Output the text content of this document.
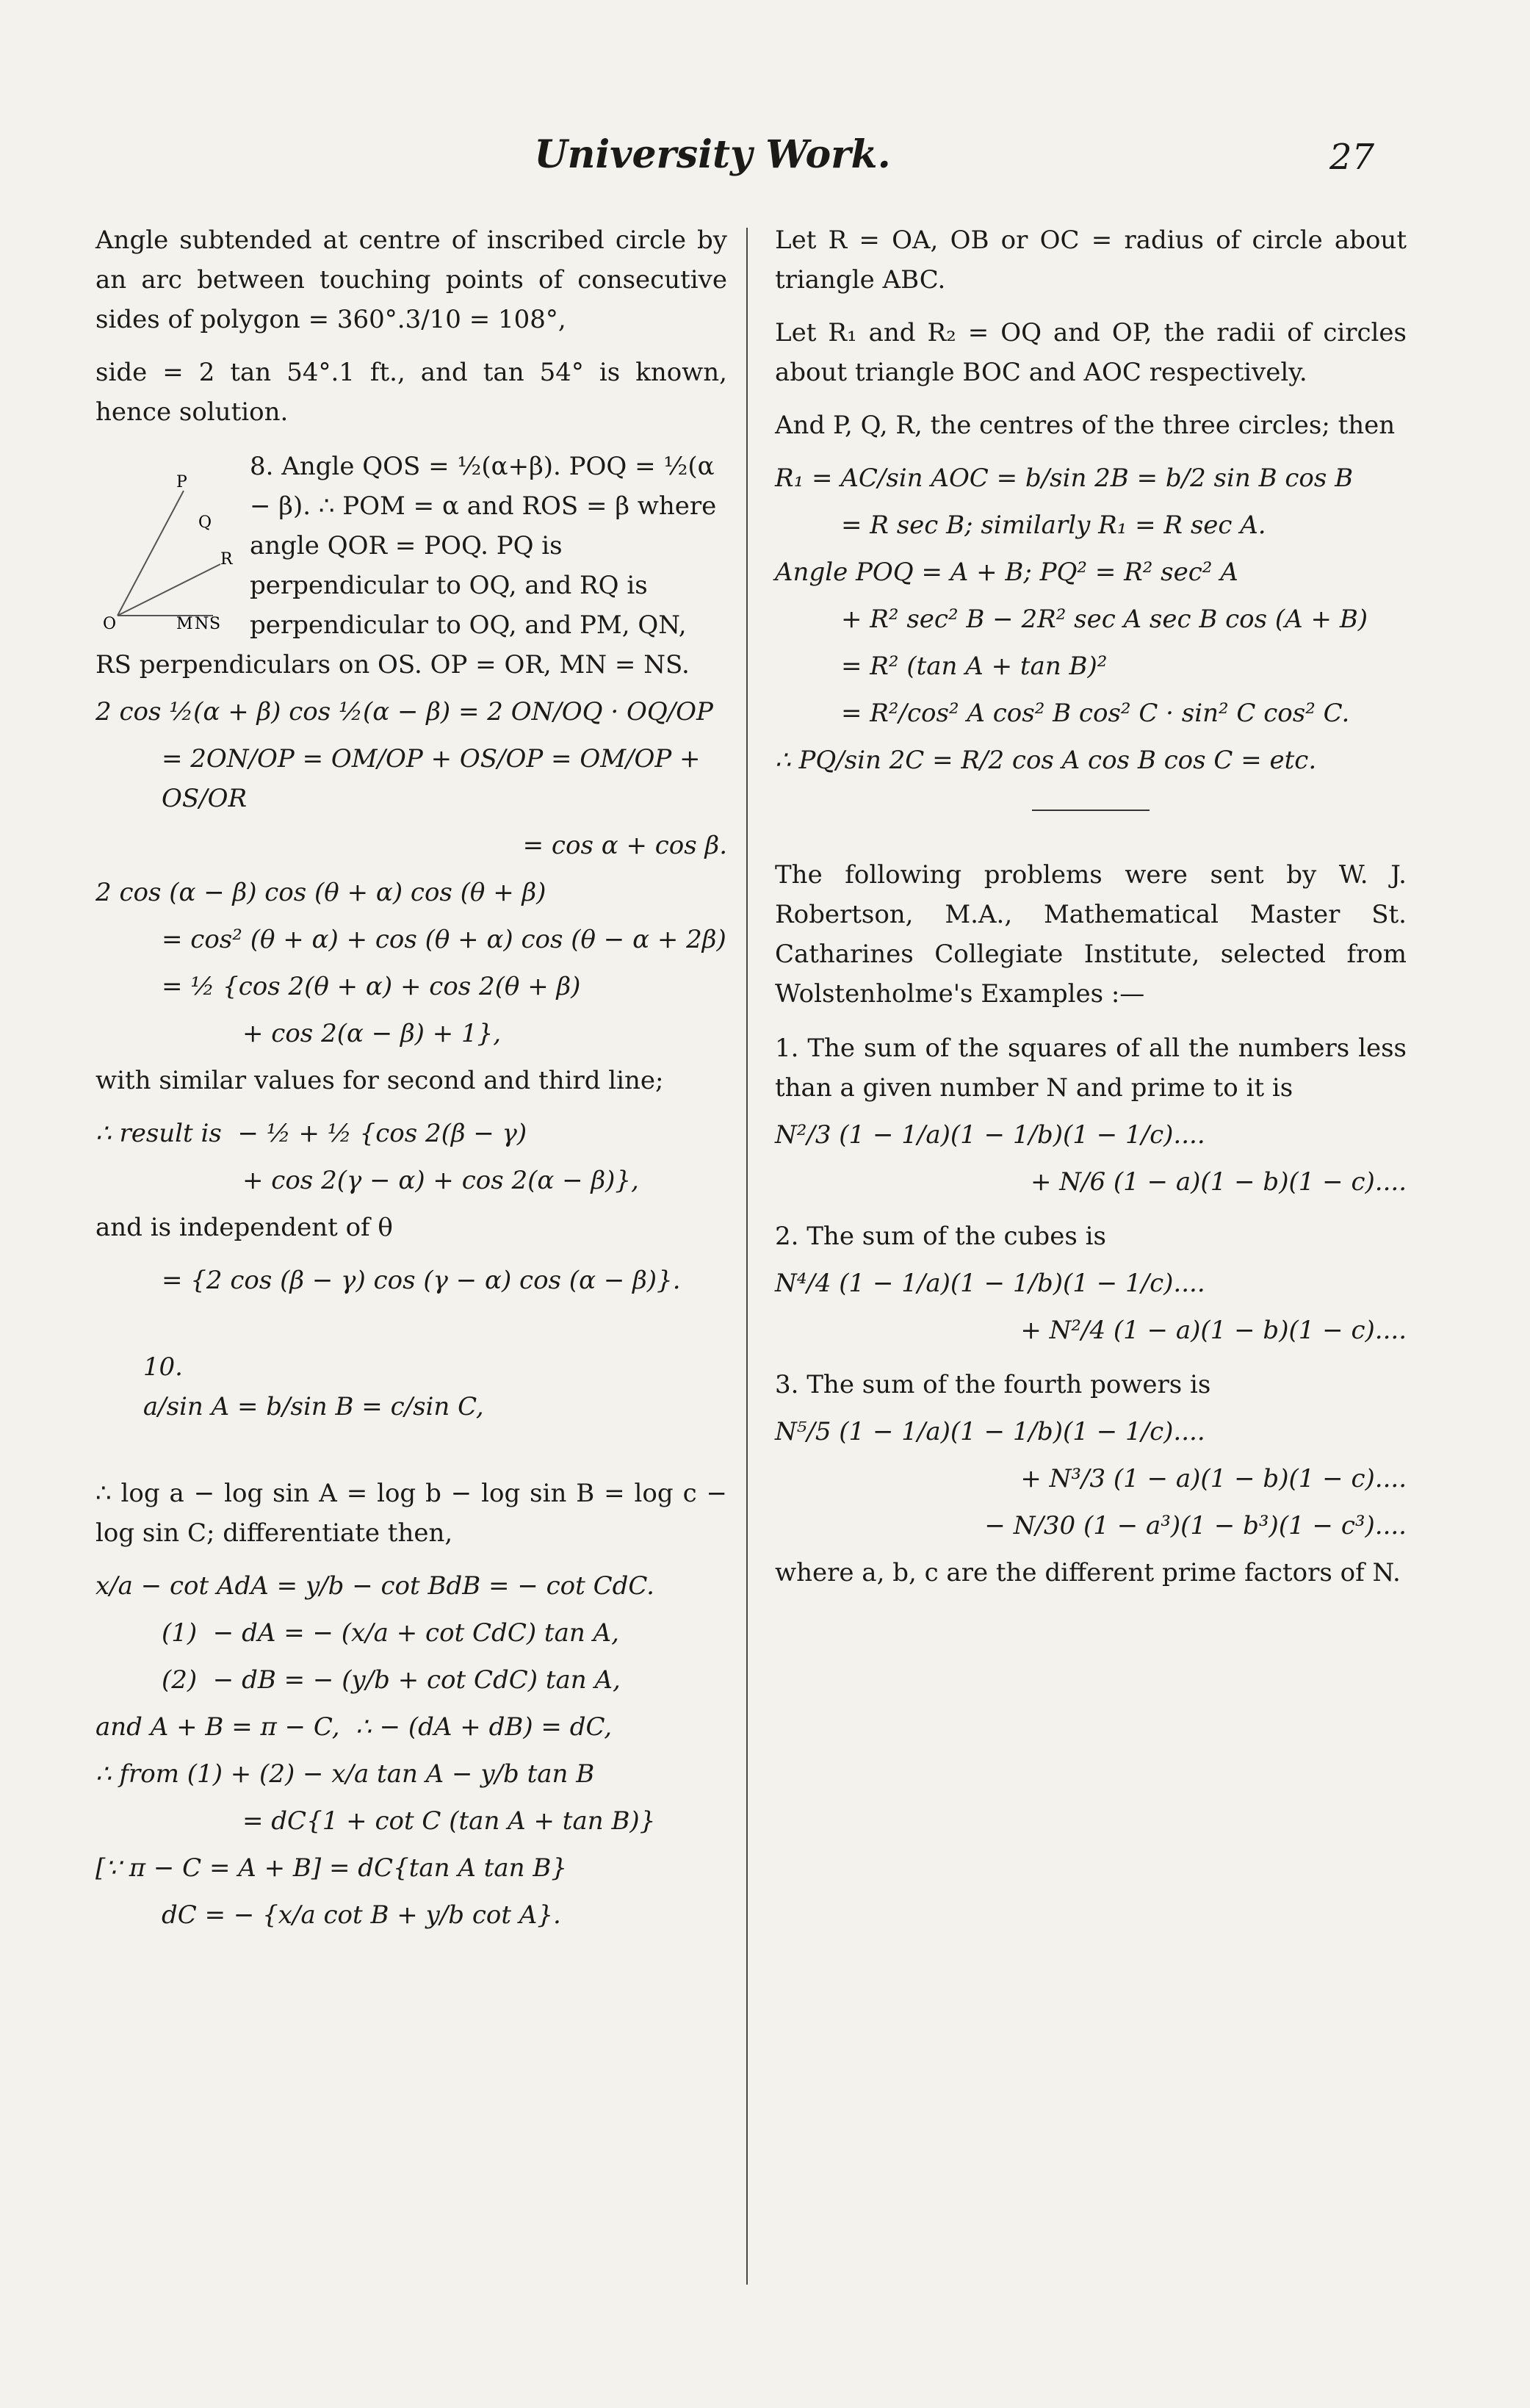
University Work.	27

Angle subtended at centre of inscribed circle by an arc between touching points of consecutive sides of polygon = 360°.3/10 = 108°,

side = 2 tan 54°.1 ft., and tan 54° is known, hence solution.

P
Q
R
M S
O	N
8. Angle QOS = ½(α+β). POQ = ½(α − β). ∴ POM = α and ROS = β where angle QOR = POQ. PQ is perpendicular to OQ, and RQ is perpendicular to OQ, and PM, QN, RS perpendiculars on OS. OP = OR, MN = NS.
2 cos ½(α + β) cos ½(α − β) = 2 ON/OQ · OQ/OP
= 2ON/OP = OM/OP + OS/OP = OM/OP + OS/OR
= cos α + cos β.
2 cos (α − β) cos (θ + α) cos (θ + β)
= cos² (θ + α) + cos (θ + α) cos (θ − α + 2β)
= ½ {cos 2(θ + α) + cos 2(θ + β)
+ cos 2(α − β) + 1},

with similar values for second and third line;

∴ result is  − ½ + ½ {cos 2(β − γ)
+ cos 2(γ − α) + cos 2(α − β)},

and is independent of θ

= {2 cos (β − γ) cos (γ − α) cos (α − β)}.

10.
a/sin A = b/sin B = c/sin C,

∴ log a − log sin A = log b − log sin B = log c − log sin C; differentiate then,

x/a − cot AdA = y/b − cot BdB = − cot CdC.
(1)  − dA = − (x/a + cot CdC) tan A,
(2)  − dB = − (y/b + cot CdC) tan A,
and A + B = π − C,  ∴ − (dA + dB) = dC,
∴ from (1) + (2) − x/a tan A − y/b tan B
= dC{1 + cot C (tan A + tan B)}
[∵ π − C = A + B] = dC{tan A tan B}
dC = − {x/a cot B + y/b cot A}.

Let R = OA, OB or OC = radius of circle about triangle ABC.

Let R₁ and R₂ = OQ and OP, the radii of circles about triangle BOC and AOC respectively.

And P, Q, R, the centres of the three circles; then

R₁ = AC/sin AOC = b/sin 2B = b/2 sin B cos B
= R sec B; similarly R₁ = R sec A.
Angle POQ = A + B; PQ² = R² sec² A
+ R² sec² B − 2R² sec A sec B cos (A + B)
= R² (tan A + tan B)²
= R²/cos² A cos² B cos² C · sin² C cos² C.
∴ PQ/sin 2C = R/2 cos A cos B cos C = etc.

The following problems were sent by W. J. Robertson, M.A., Mathematical Master St. Catharines Collegiate Institute, selected from Wolstenholme's Examples :—

1. The sum of the squares of all the numbers less than a given number N and prime to it is

N²/3 (1 − 1/a)(1 − 1/b)(1 − 1/c)....
+ N/6 (1 − a)(1 − b)(1 − c)....

2. The sum of the cubes is

N⁴/4 (1 − 1/a)(1 − 1/b)(1 − 1/c)....
+ N²/4 (1 − a)(1 − b)(1 − c)....

3. The sum of the fourth powers is

N⁵/5 (1 − 1/a)(1 − 1/b)(1 − 1/c)....
+ N³/3 (1 − a)(1 − b)(1 − c)....
− N/30 (1 − a³)(1 − b³)(1 − c³)....

where a, b, c are the different prime factors of N.
